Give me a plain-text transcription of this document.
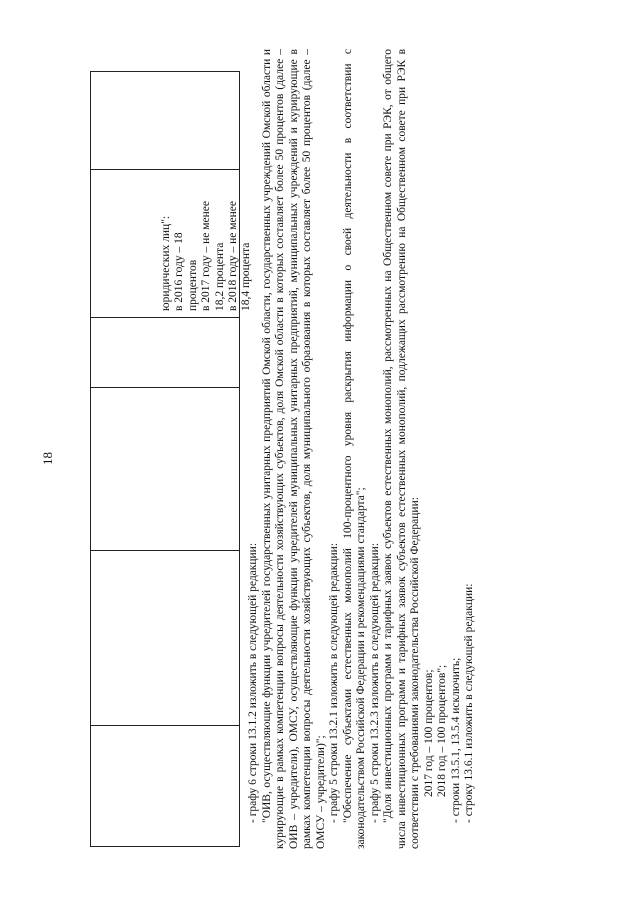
18
юридических лиц":
в 2016 году – 18 процентов
в 2017 году – не менее 18,2 процента
в 2018 году – не менее 18,4 процента

- графу 6 строки 13.1.2 изложить в следующей редакции: "ОИВ, осуществляющие функции учредителей государственных унитарных предприятий Омской области, государственных учреждений Омской области и курирующие в рамках компетенции вопросы деятельности хозяйствующих субъектов, доля Омской области в которых составляет более 50 процентов (далее – ОИВ – учредители), ОМСУ, осуществляющие функции учредителей муниципальных унитарных предприятий, муниципальных учреждений и курирующие в рамках компетенции вопросы деятельности хозяйствующих субъектов, доля муниципального образования в которых составляет более 50 процентов (далее – ОМСУ – учредители)"; - графу 5 строки 13.2.1 изложить в следующей редакции: "Обеспечение субъектами естественных монополий 100-процентного уровня раскрытия информации о своей деятельности в соответствии с законодательством Российской Федерации и рекомендациями стандарта"; - графу 5 строки 13.2.3 изложить в следующей редакции: "Доля инвестиционных программ и тарифных заявок субъектов естественных монополий, рассмотренных на Общественном совете при РЭК, от общего числа инвестиционных программ и тарифных заявок субъектов естественных монополий, подлежащих рассмотрению на Общественном совете при РЭК в соответствии с требованиями законодательства Российской Федерации: 2017 год – 100 процентов; 2018 год – 100 процентов"; - строки 13.5.1, 13.5.4 исключить; - строку 13.6.1 изложить в следующей редакции:
